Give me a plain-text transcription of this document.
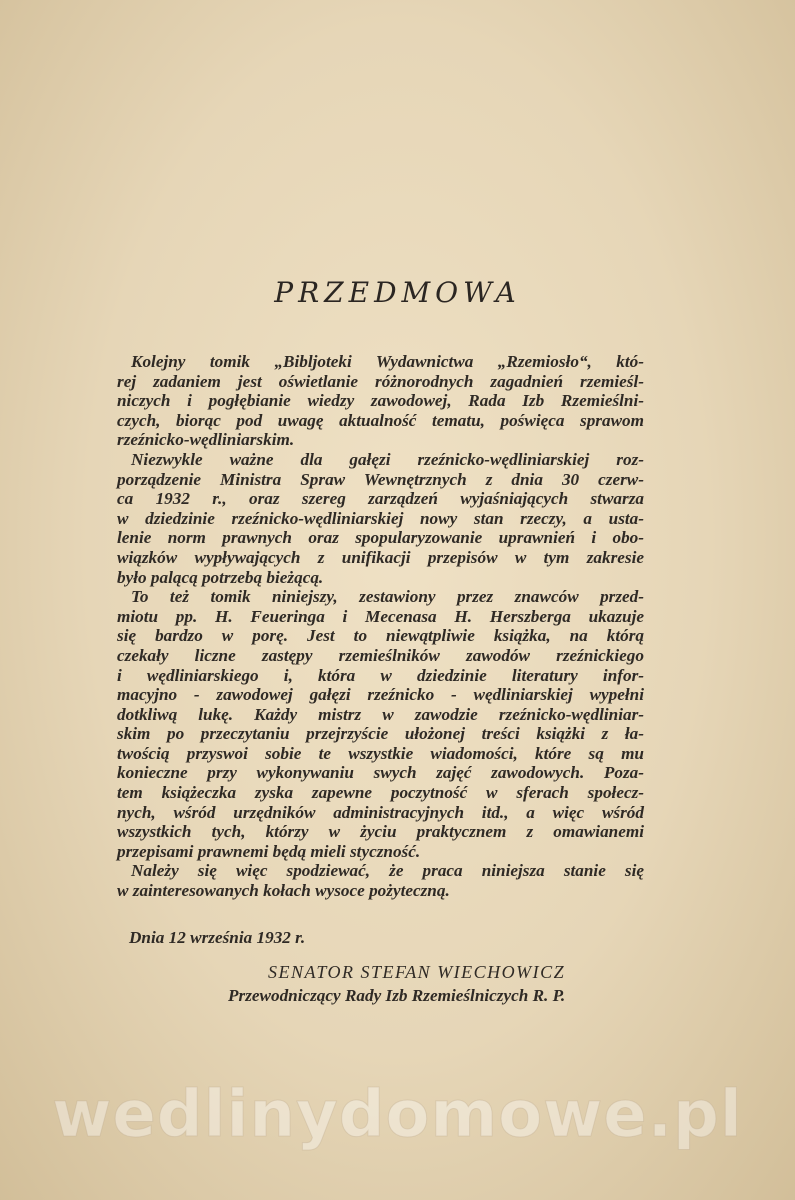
PRZEDMOWA
Kolejny tomik „Bibljoteki Wydawnictwa „Rzemiosło“, któ-
rej zadaniem jest oświetlanie różnorodnych zagadnień rzemieśl-
niczych i pogłębianie wiedzy zawodowej, Rada Izb Rzemieślni-
czych, biorąc pod uwagę aktualność tematu, poświęca sprawom
rzeźnicko-wędliniarskim.
Niezwykle ważne dla gałęzi rzeźnicko-wędliniarskiej roz-
porządzenie Ministra Spraw Wewnętrznych z dnia 30 czerw-
ca 1932 r., oraz szereg zarządzeń wyjaśniających stwarza
w dziedzinie rzeźnicko-wędliniarskiej nowy stan rzeczy, a usta-
lenie norm prawnych oraz spopularyzowanie uprawnień i obo-
wiązków wypływających z unifikacji przepisów w tym zakresie
było palącą potrzebą bieżącą.
To też tomik niniejszy, zestawiony przez znawców przed-
miotu pp. H. Feueringa i Mecenasa H. Herszberga ukazuje
się bardzo w porę. Jest to niewątpliwie książka, na którą
czekały liczne zastępy rzemieślników zawodów rzeźnickiego
i wędliniarskiego i, która w dziedzinie literatury infor-
macyjno - zawodowej gałęzi rzeźnicko - wędliniarskiej wypełni
dotkliwą lukę. Każdy mistrz w zawodzie rzeźnicko-wędliniar-
skim po przeczytaniu przejrzyście ułożonej treści książki z ła-
twością przyswoi sobie te wszystkie wiadomości, które są mu
konieczne przy wykonywaniu swych zajęć zawodowych. Poza-
tem książeczka zyska zapewne poczytność w sferach społecz-
nych, wśród urzędników administracyjnych itd., a więc wśród
wszystkich tych, którzy w życiu praktycznem z omawianemi
przepisami prawnemi będą mieli styczność.
Należy się więc spodziewać, że praca niniejsza stanie się
w zainteresowanych kołach wysoce pożyteczną.

Dnia 12 września 1932 r.

SENATOR STEFAN WIECHOWICZ

Przewodniczący Rady Izb Rzemieślniczych R. P.

wedlinydomowe.pl
